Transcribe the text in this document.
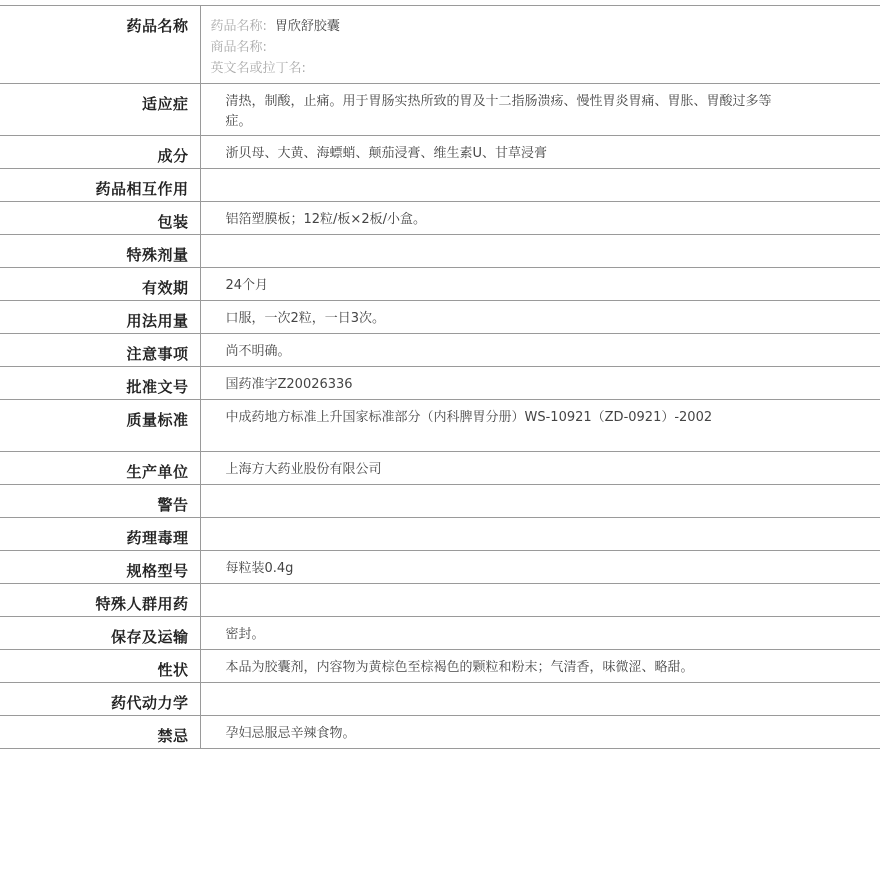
药品名称	药品名称: 胃欣舒胶囊
商品名称:
英文名或拉丁名:

适应症	清热，制酸，止痛。用于胃肠实热所致的胃及十二指肠溃疡、慢性胃炎胃痛、胃胀、胃酸过多等症。
成分	浙贝母、大黄、海螵蛸、颠茄浸膏、维生素U、甘草浸膏
药品相互作用	
包装	铝箔塑膜板；12粒/板×2板/小盒。
特殊剂量	
有效期	24个月
用法用量	口服，一次2粒，一日3次。
注意事项	尚不明确。
批准文号	国药准字Z20026336
质量标准	中成药地方标准上升国家标准部分（内科脾胃分册）WS-10921（ZD-0921）-2002
生产单位	上海方大药业股份有限公司
警告	
药理毒理	
规格型号	每粒装0.4g
特殊人群用药	
保存及运输	密封。
性状	本品为胶囊剂，内容物为黄棕色至棕褐色的颗粒和粉末；气清香，味微涩、略甜。
药代动力学	
禁忌	孕妇忌服忌辛辣食物。
